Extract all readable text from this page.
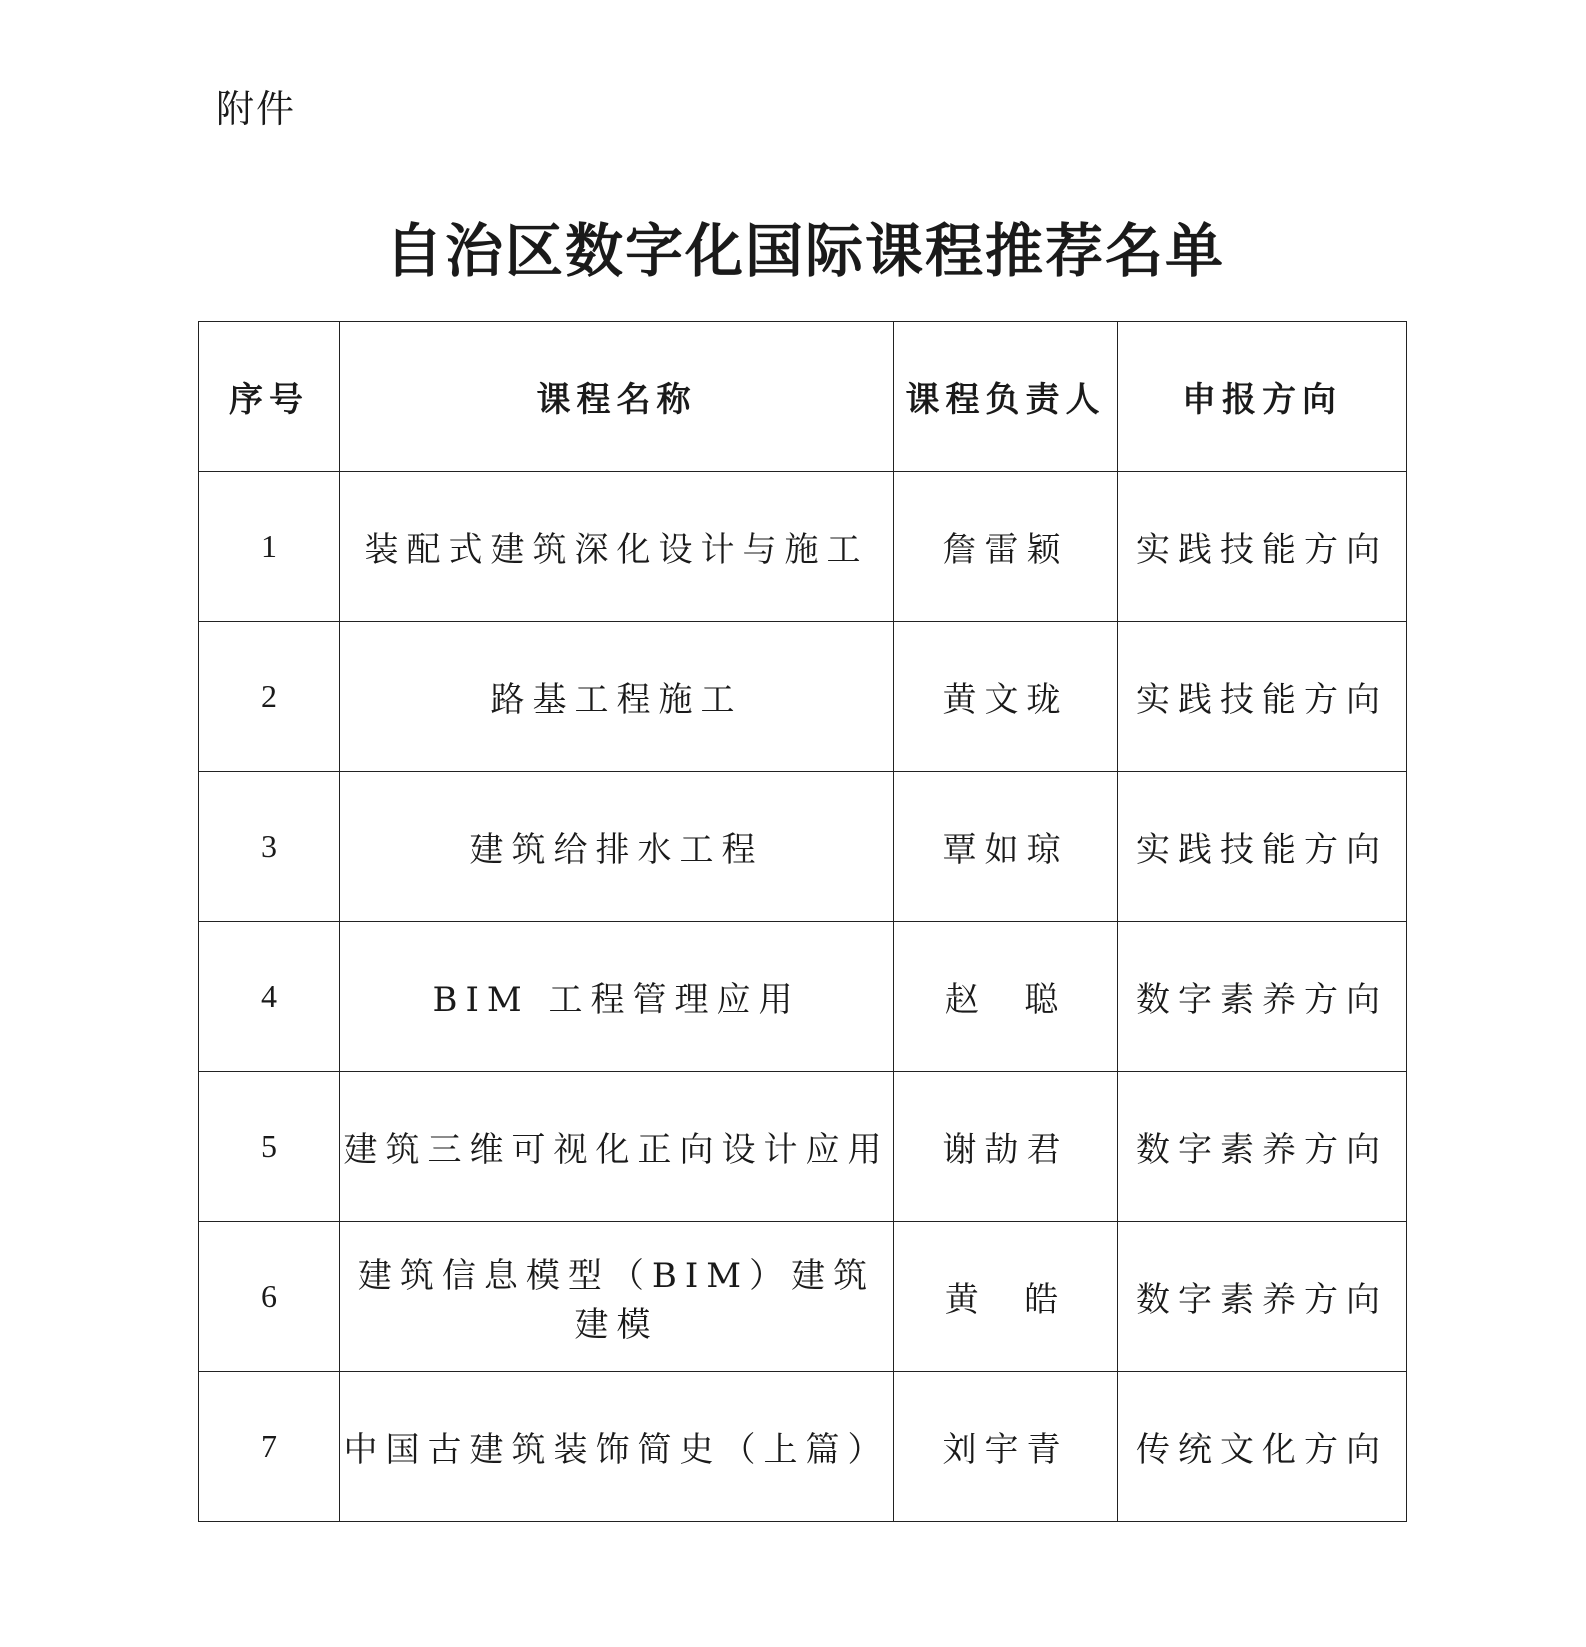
附件
自治区数字化国际课程推荐名单
序号	课程名称	课程负责人	申报方向
1	装配式建筑深化设计与施工	詹雷颖	实践技能方向
2	路基工程施工	黄文珑	实践技能方向
3	建筑给排水工程	覃如琼	实践技能方向
4	BIM 工程管理应用	赵  聪	数字素养方向
5	建筑三维可视化正向设计应用	谢劼君	数字素养方向
6	建筑信息模型（BIM）建筑建模	黄  皓	数字素养方向
7	中国古建筑装饰简史（上篇）	刘宇青	传统文化方向
